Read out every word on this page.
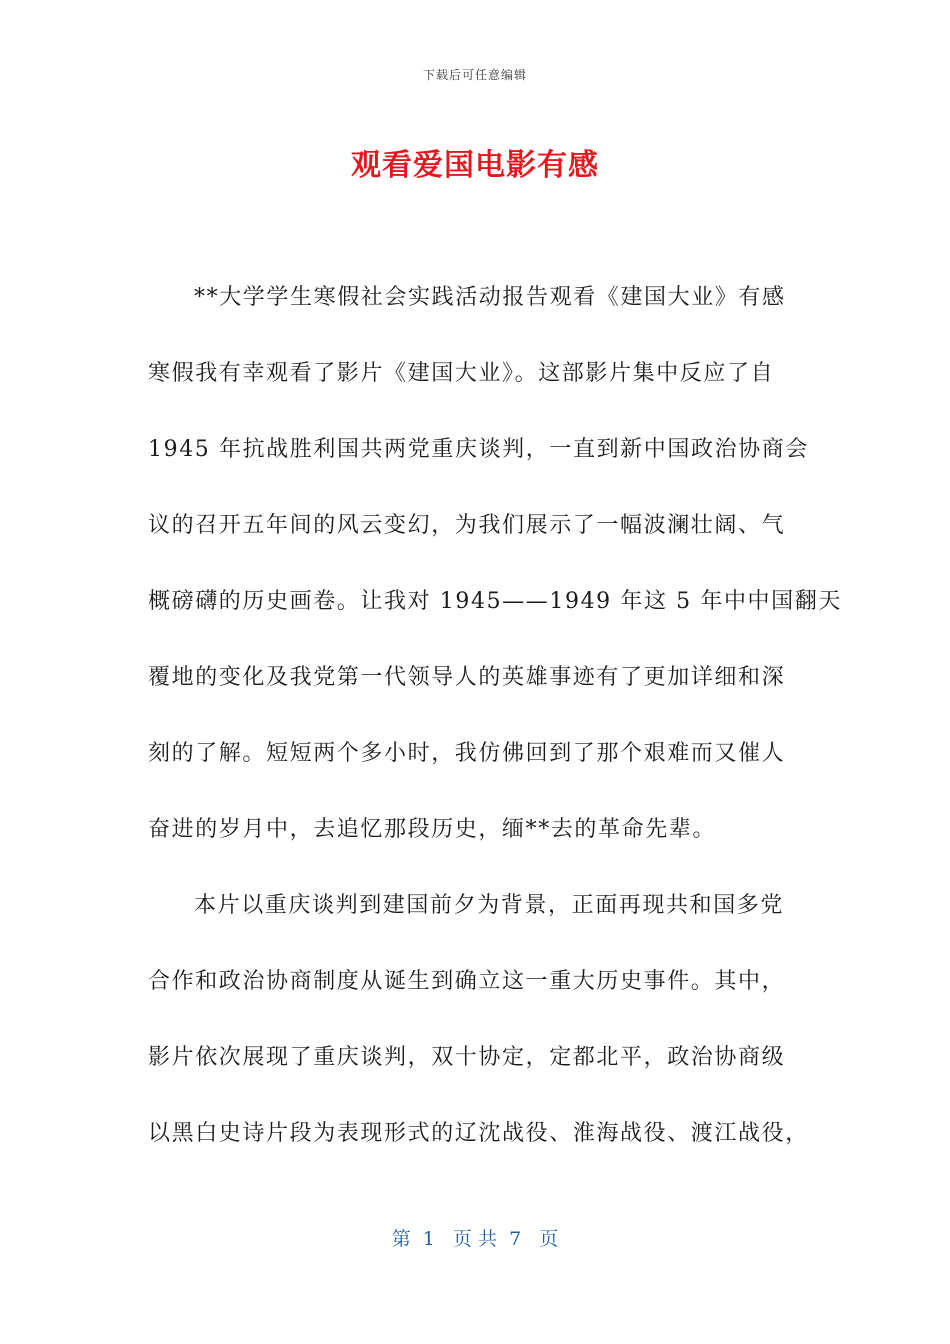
下载后可任意编辑
观看爱国电影有感
**大学学生寒假社会实践活动报告观看《建国大业》有感
寒假我有幸观看了影片《建国大业》。这部影片集中反应了自
1945 年抗战胜利国共两党重庆谈判，一直到新中国政治协商会
议的召开五年间的风云变幻，为我们展示了一幅波澜壮阔、气
概磅礴的历史画卷。让我对 1945——1949 年这 5 年中中国翻天
覆地的变化及我党第一代领导人的英雄事迹有了更加详细和深
刻的了解。短短两个多小时，我仿佛回到了那个艰难而又催人
奋进的岁月中，去追忆那段历史，缅**去的革命先辈。
本片以重庆谈判到建国前夕为背景，正面再现共和国多党
合作和政治协商制度从诞生到确立这一重大历史事件。其中，
影片依次展现了重庆谈判，双十协定，定都北平，政治协商级
以黑白史诗片段为表现形式的辽沈战役、淮海战役、渡江战役，
第  1   页 共  7   页
